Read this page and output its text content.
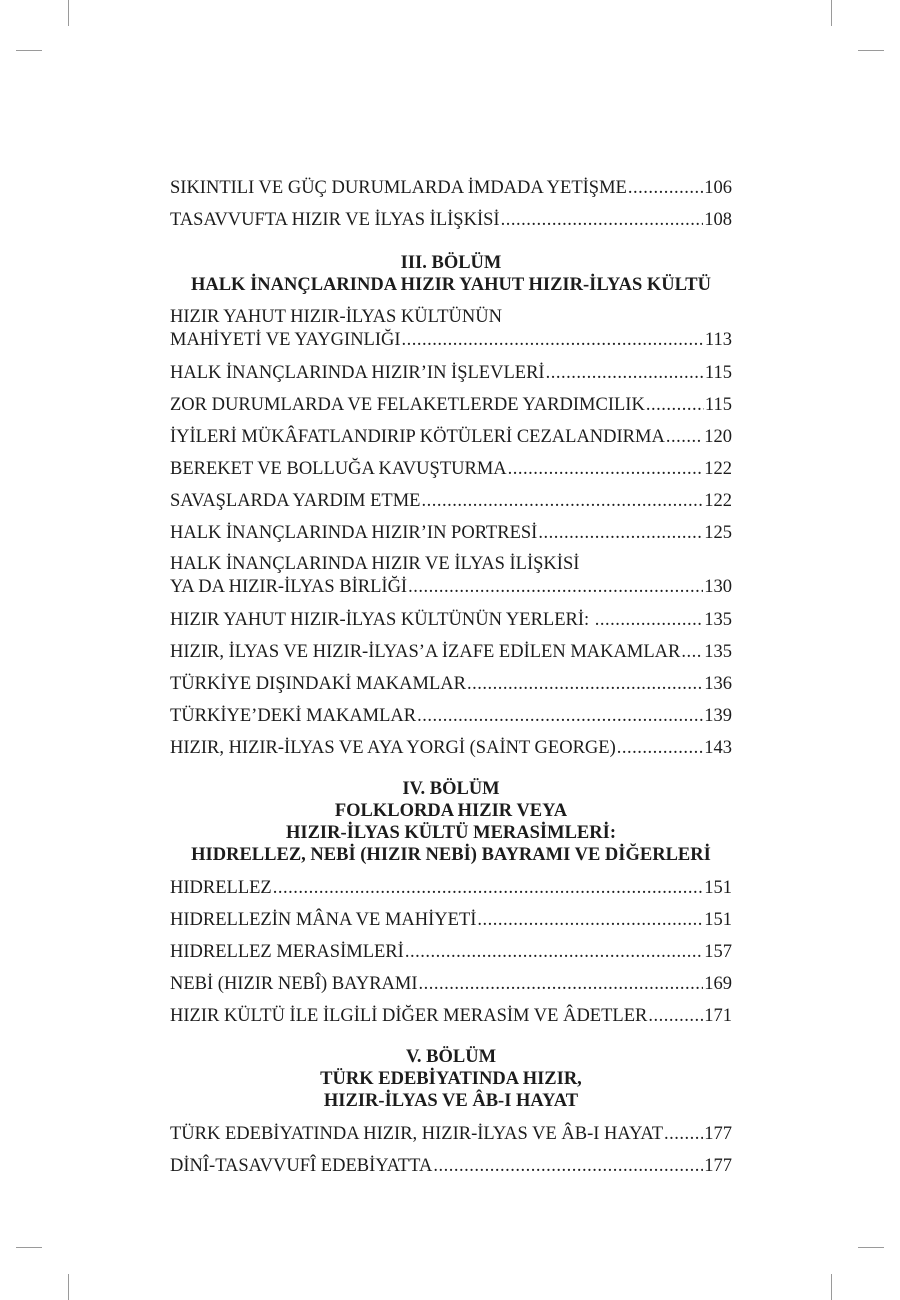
SIKINTILI VE GÜÇ DURUMLARDA İMDADA YETİŞME .....	106
TASAVVUFTA HIZIR VE İLYAS İLİŞKİSİ .....	108
III. BÖLÜM
HALK İNANÇLARINDA HIZIR YAHUT HIZIR-İLYAS KÜLTÜ
HIZIR YAHUT HIZIR-İLYAS KÜLTÜNÜN
MAHİYETİ VE YAYGINLIĞI .....	113
HALK İNANÇLARINDA HIZIR’IN İŞLEVLERİ .....	115
ZOR DURUMLARDA VE FELAKETLERDE YARDIMCILIK .....	115
İYİLERİ MÜKÂFATLANDIRIP KÖTÜLERİ CEZALANDIRMA ..... 120
BEREKET VE BOLLUĞA KAVUŞTURMA .....	122
SAVAŞLARDA YARDIM ETME .....	122
HALK İNANÇLARINDA HIZIR’IN PORTRESİ .....	125
HALK İNANÇLARINDA HIZIR VE İLYAS İLİŞKİSİ
YA DA HIZIR-İLYAS BİRLİĞİ .....	130
HIZIR YAHUT HIZIR-İLYAS KÜLTÜNÜN YERLERİ: .....	135
HIZIR, İLYAS VE HIZIR-İLYAS’A İZAFE EDİLEN MAKAMLAR ..... 135
TÜRKİYE DIŞINDAKİ MAKAMLAR .....	136
TÜRKİYE’DEKİ MAKAMLAR .....	139
HIZIR, HIZIR-İLYAS VE AYA YORGİ (SAİNT GEORGE) .....	143
IV. BÖLÜM
FOLKLORDA HIZIR VEYA
HIZIR-İLYAS KÜLTÜ MERASİMLERİ:
HIDRELLEZ, NEBİ (HIZIR NEBİ) BAYRAMI VE DİĞERLERİ
HIDRELLEZ .....	151
HIDRELLEZİN MÂNA VE MAHİYETİ .....	151
HIDRELLEZ MERASİMLERİ .....	157
NEBİ (HIZIR NEBÎ) BAYRAMI .....	169
HIZIR KÜLTÜ İLE İLGİLİ DİĞER MERASİM VE ÂDETLER .....	171
V. BÖLÜM
TÜRK EDEBİYATINDA HIZIR,
HIZIR-İLYAS VE ÂB-I HAYAT
TÜRK EDEBİYATINDA HIZIR, HIZIR-İLYAS VE ÂB-I HAYAT ..... 177
DİNÎ-TASAVVUFÎ EDEBİYATTA .....	177
